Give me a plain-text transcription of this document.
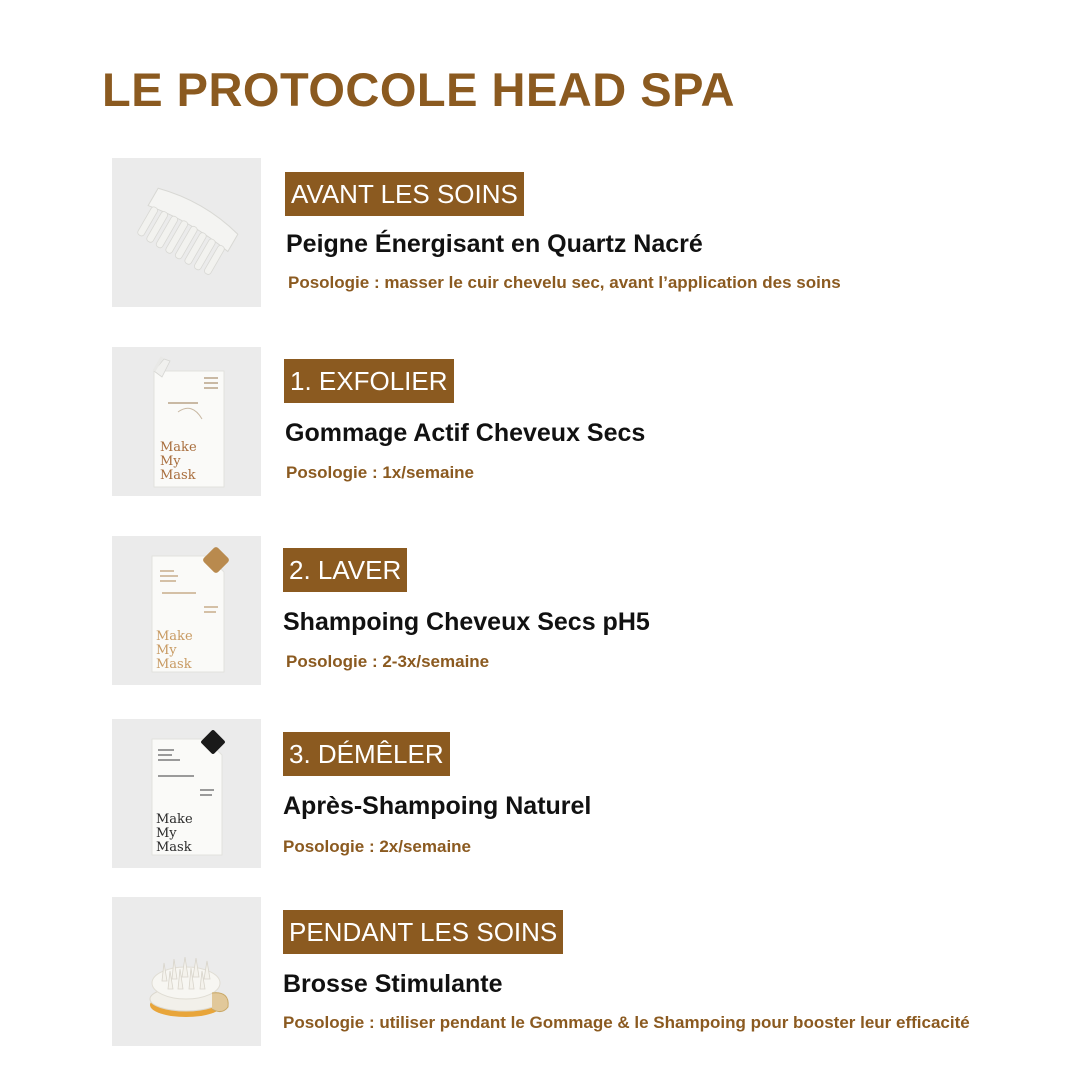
LE PROTOCOLE HEAD SPA
AVANT LES SOINS

Peigne Énergisant en Quartz Nacré

Posologie : masser le cuir chevelu sec, avant l’application des soins

Make
My
Mask
1. EXFOLIER

Gommage Actif Cheveux Secs

Posologie : 1x/semaine

Make
My
Mask
2. LAVER

Shampoing Cheveux Secs pH5

Posologie : 2-3x/semaine

Make
My
Mask
3. DÉMÊLER

Après-Shampoing Naturel

Posologie : 2x/semaine

PENDANT LES SOINS

Brosse Stimulante

Posologie : utiliser pendant le Gommage & le Shampoing pour booster leur efficacité
